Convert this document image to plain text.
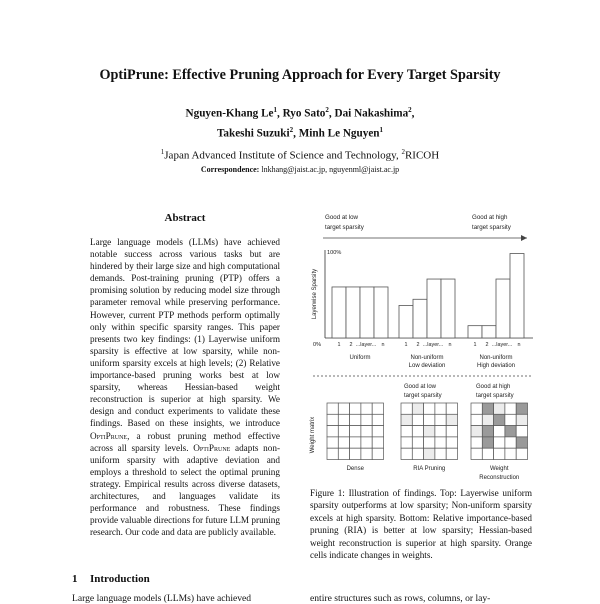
OptiPrune: Effective Pruning Approach for Every Target Sparsity
Nguyen-Khang Le$^1$, Ryo Sato$^2$, Dai Nakashima$^2$,
Takeshi Suzuki$^2$, Minh Le Nguyen$^1$
$^1$Japan Advanced Institute of Science and Technology, $^2$RICOH
Correspondence: lnkhang@jaist.ac.jp, nguyenml@jaist.ac.jp
Abstract

Large language models (LLMs) have achieved notable success across various tasks but are hindered by their large size and high computational demands. Post-training pruning (PTP) offers a promising solution by reducing model size through parameter removal while preserving performance. However, current PTP methods perform optimally only within specific sparsity ranges. This paper presents two key findings: (1) Layerwise uniform sparsity is effective at low sparsity, while non-uniform sparsity excels at high levels; (2) Relative importance-based pruning works best at low sparsity, whereas Hessian-based weight reconstruction is superior at high sparsity. We design and conduct experiments to validate these findings. Based on these insights, we introduce OptiPrune, a robust pruning method effective across all sparsity levels. OptiPrune adapts non-uniform sparsity with adaptive deviation and employs a threshold to select the optimal pruning strategy. Empirical results across diverse datasets, architectures, and languages validate its performance and robustness. These findings provide valuable directions for future LLM pruning research. Our code and data are publicly available.

1 Introduction
Large language models (LLMs) have achieved	entire structures such as rows, columns, or lay-
Good at low
target sparsity
Good at high
target sparsity
100%
0%
Layerwise Sparsity
1 2 ...layer... n
Uniform
1 2 ...layer... n
Non-uniform
Low deviation
1 2 ...layer... n
Non-uniform
High deviation
Good at low
target sparsity
Good at high
target sparsity
Weight matrix
Dense	RIA Pruning	Weight
Reconstruction

Figure 1: Illustration of findings. Top: Layerwise uniform sparsity outperforms at low sparsity; Non-uniform sparsity excels at high sparsity. Bottom: Relative importance-based pruning (RIA) is better at low sparsity; Hessian-based weight reconstruction is superior at high sparsity. Orange cells indicate changes in weights.
